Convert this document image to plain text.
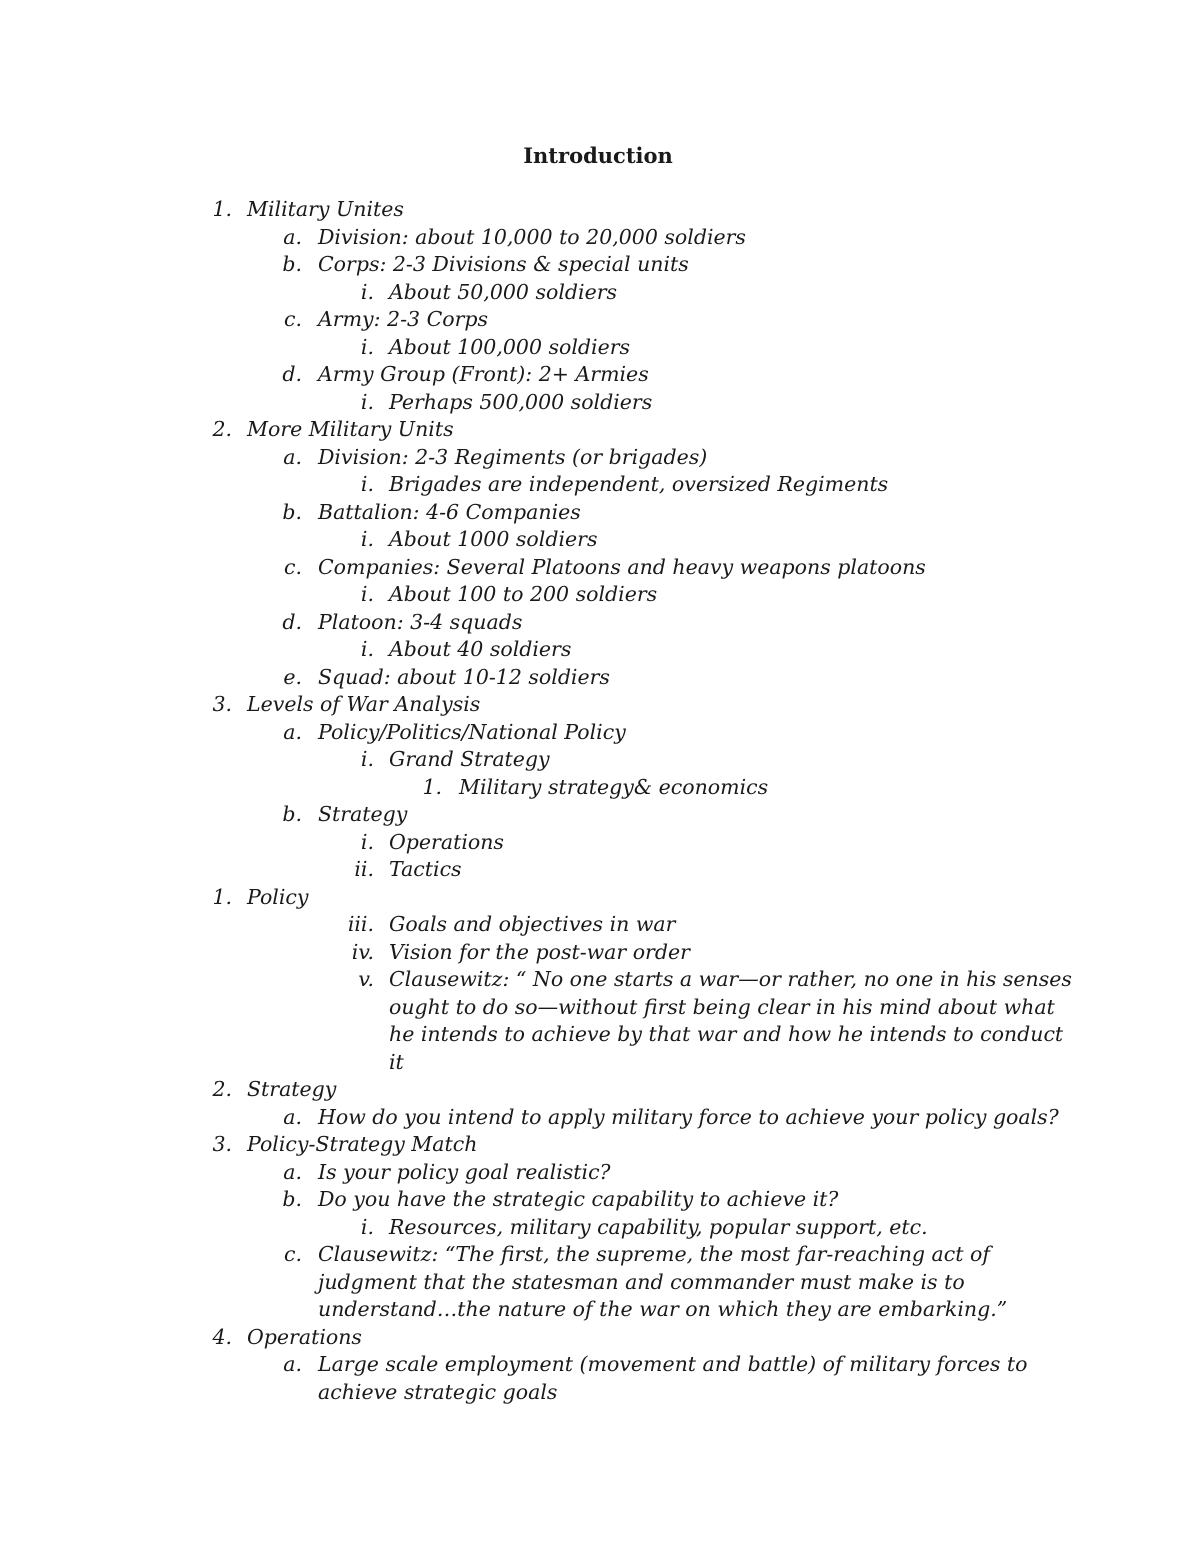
Introduction
1. Military Unites
a. Division: about 10,000 to 20,000 soldiers
b. Corps: 2-3 Divisions & special units
i. About 50,000 soldiers
c. Army: 2-3 Corps
i. About 100,000 soldiers
d. Army Group (Front): 2+ Armies
i. Perhaps 500,000 soldiers
2. More Military Units
a. Division: 2-3 Regiments (or brigades)
i. Brigades are independent, oversized Regiments
b. Battalion: 4-6 Companies
i. About 1000 soldiers
c. Companies: Several Platoons and heavy weapons platoons
i. About 100 to 200 soldiers
d. Platoon: 3-4 squads
i. About 40 soldiers
e. Squad: about 10-12 soldiers
3. Levels of War Analysis
a. Policy/Politics/National Policy
i. Grand Strategy
1. Military strategy& economics
b. Strategy
i. Operations
ii. Tactics
1. Policy
iii. Goals and objectives in war
iv. Vision for the post-war order
v. Clausewitz: “ No one starts a war—or rather, no one in his senses
ought to do so—without first being clear in his mind about what
he intends to achieve by that war and how he intends to conduct
it
2. Strategy
a. How do you intend to apply military force to achieve your policy goals?
3. Policy-Strategy Match
a. Is your policy goal realistic?
b. Do you have the strategic capability to achieve it?
i. Resources, military capability, popular support, etc.
c. Clausewitz: “The first, the supreme, the most far-reaching act of
judgment that the statesman and commander must make is to
understand…the nature of the war on which they are embarking.”
4. Operations
a. Large scale employment (movement and battle) of military forces to
achieve strategic goals
